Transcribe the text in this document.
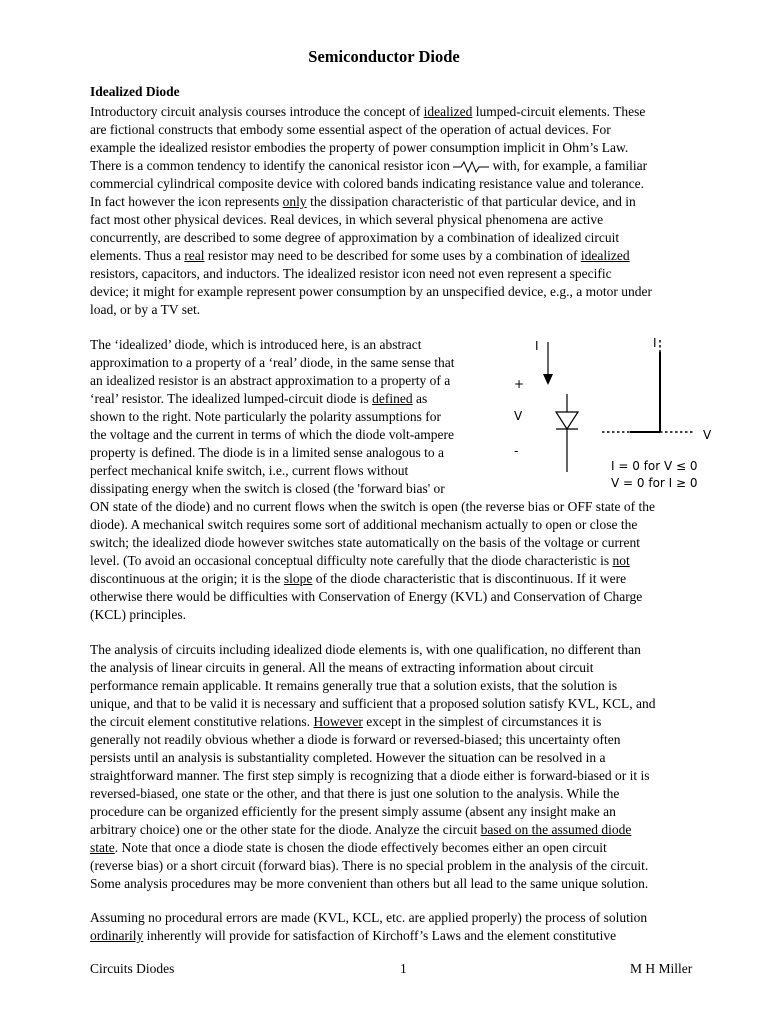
Semiconductor Diode
Idealized Diode
Introductory circuit analysis courses introduce the concept of idealized lumped-circuit elements. These
are fictional constructs that embody some essential aspect of the operation of actual devices. For
example the idealized resistor embodies the property of power consumption implicit in Ohm’s Law.
There is a common tendency to identify the canonical resistor icon	with, for example, a familiar
commercial cylindrical composite device with colored bands indicating resistance value and tolerance.
In fact however the icon represents only the dissipation characteristic of that particular device, and in
fact most other physical devices. Real devices, in which several physical phenomena are active
concurrently, are described to some degree of approximation by a combination of idealized circuit
elements. Thus a real resistor may need to be described for some uses by a combination of idealized
resistors, capacitors, and inductors. The idealized resistor icon need not even represent a specific
device; it might for example represent power consumption by an unspecified device, e.g., a motor under
load, or by a TV set.
The ‘idealized’ diode, which is introduced here, is an abstract
approximation to a property of a ‘real’ diode, in the same sense that
an idealized resistor is an abstract approximation to a property of a
‘real’ resistor. The idealized lumped-circuit diode is defined as
shown to the right. Note particularly the polarity assumptions for
the voltage and the current in terms of which the diode volt-ampere
property is defined. The diode is in a limited sense analogous to a
perfect mechanical knife switch, i.e., current flows without
dissipating energy when the switch is closed (the 'forward bias' or
ON state of the diode) and no current flows when the switch is open (the reverse bias or OFF state of the
diode). A mechanical switch requires some sort of additional mechanism actually to open or close the
switch; the idealized diode however switches state automatically on the basis of the voltage or current
level. (To avoid an occasional conceptual difficulty note carefully that the diode characteristic is not
discontinuous at the origin; it is the slope of the diode characteristic that is discontinuous. If it were
otherwise there would be difficulties with Conservation of Energy (KVL) and Conservation of Charge
(KCL) principles.
I
+
V
-
I
V
I = 0 for V ≤ 0
V = 0 for I ≥ 0
The analysis of circuits including idealized diode elements is, with one qualification, no different than
the analysis of linear circuits in general. All the means of extracting information about circuit
performance remain applicable. It remains generally true that a solution exists, that the solution is
unique, and that to be valid it is necessary and sufficient that a proposed solution satisfy KVL, KCL, and
the circuit element constitutive relations. However except in the simplest of circumstances it is
generally not readily obvious whether a diode is forward or reversed-biased; this uncertainty often
persists until an analysis is substantiality completed. However the situation can be resolved in a
straightforward manner. The first step simply is recognizing that a diode either is forward-biased or it is
reversed-biased, one state or the other, and that there is just one solution to the analysis. While the
procedure can be organized efficiently for the present simply assume (absent any insight make an
arbitrary choice) one or the other state for the diode. Analyze the circuit based on the assumed diode
state. Note that once a diode state is chosen the diode effectively becomes either an open circuit
(reverse bias) or a short circuit (forward bias). There is no special problem in the analysis of the circuit.
Some analysis procedures may be more convenient than others but all lead to the same unique solution.
Assuming no procedural errors are made (KVL, KCL, etc. are applied properly) the process of solution
ordinarily inherently will provide for satisfaction of Kirchoff’s Laws and the element constitutive
Circuits Diodes	1	M H Miller
